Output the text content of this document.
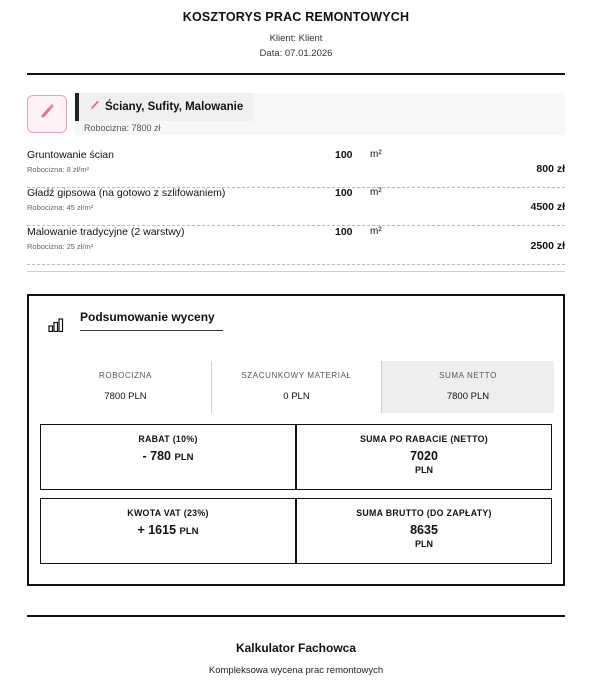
KOSZTORYS PRAC REMONTOWYCH
Klient: Klient
Data: 07.01.2026
Ściany, Sufity, Malowanie
Robocizna: 7800 zł
Gruntowanie ścian	100 m²
Robocizna: 8 zł/m²	800 zł
Gładź gipsowa (na gotowo z szlifowaniem)	100 m²
Robocizna: 45 zł/m²	4500 zł
Malowanie tradycyjne (2 warstwy)	100 m²
Robocizna: 25 zł/m²	2500 zł
Podsumowanie wyceny
ROBOCIZNA
7800 PLN
SZACUNKOWY MATERIAŁ
0 PLN
SUMA NETTO
7800 PLN
RABAT (10%)
- 780 PLN
SUMA PO RABACIE (NETTO)
7020
PLN
KWOTA VAT (23%)
+ 1615 PLN
SUMA BRUTTO (DO ZAPŁATY)
8635
PLN
Kalkulator Fachowca
Kompleksowa wycena prac remontowych
